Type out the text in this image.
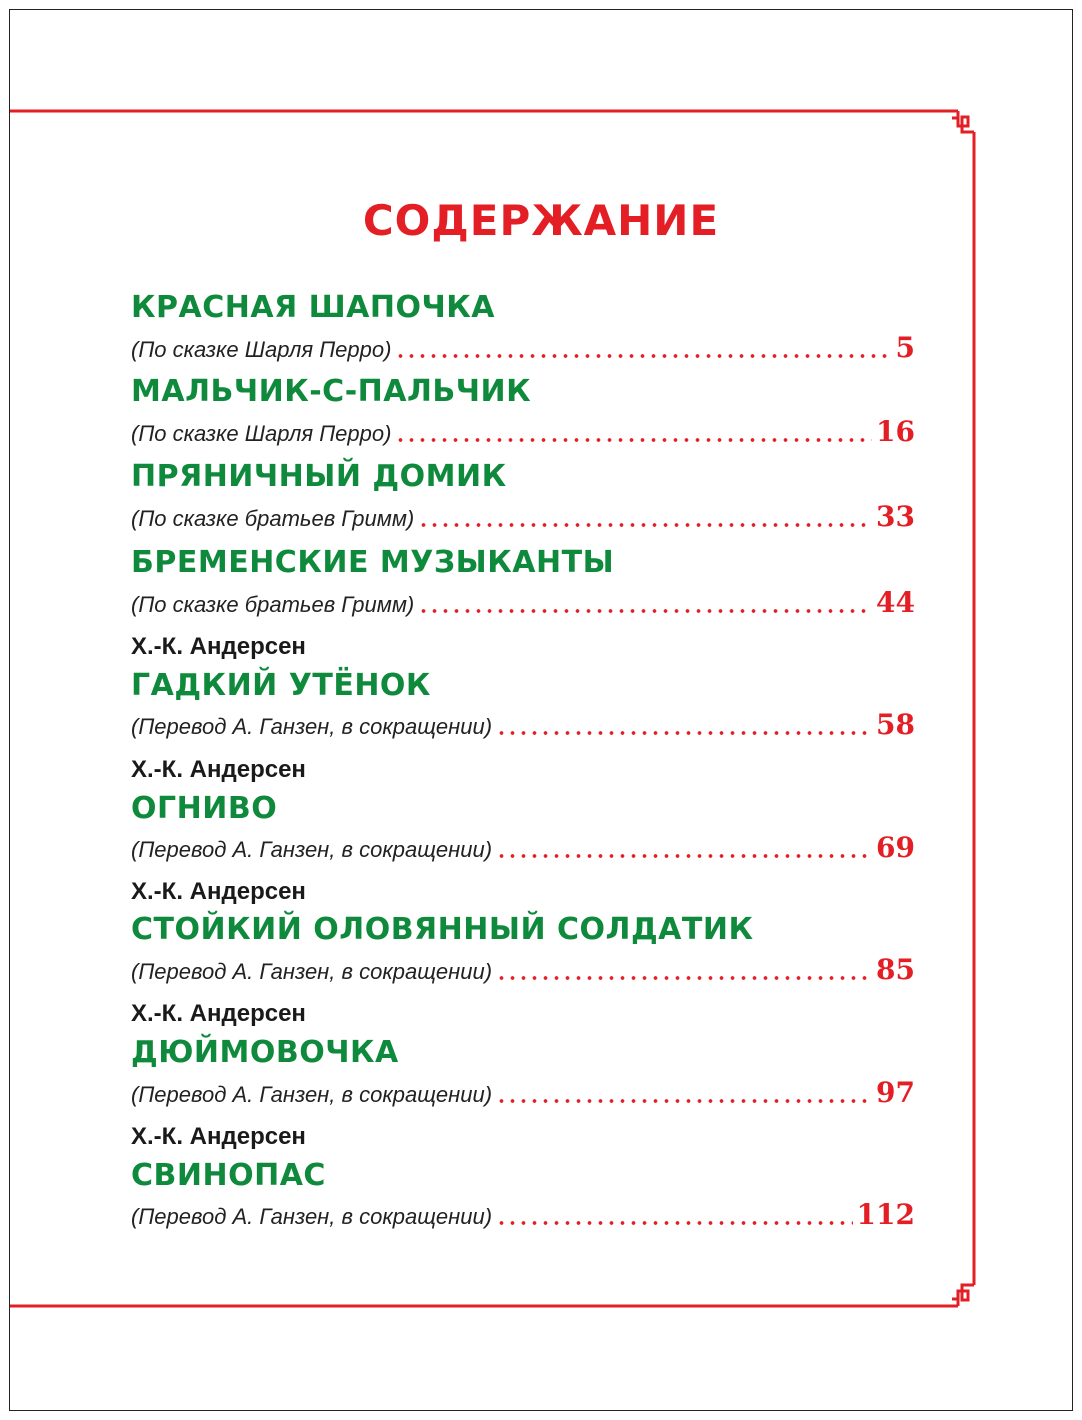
СОДЕРЖАНИЕ
КРАСНАЯ ШАПОЧКА
(По сказке Шарля Перро)	5
МАЛЬЧИК-С-ПАЛЬЧИК
(По сказке Шарля Перро)	16
ПРЯНИЧНЫЙ ДОМИК
(По сказке братьев Гримм)	33
БРЕМЕНСКИЕ МУЗЫКАНТЫ
(По сказке братьев Гримм)	44
Х.-К. Андерсен
ГАДКИЙ УТЁНОК
(Перевод А. Ганзен, в сокращении)	58
Х.-К. Андерсен
ОГНИВО
(Перевод А. Ганзен, в сокращении)	69
Х.-К. Андерсен
СТОЙКИЙ ОЛОВЯННЫЙ СОЛДАТИК
(Перевод А. Ганзен, в сокращении)	85
Х.-К. Андерсен
ДЮЙМОВОЧКА
(Перевод А. Ганзен, в сокращении)	97
Х.-К. Андерсен
СВИНОПАС
(Перевод А. Ганзен, в сокращении)	112
